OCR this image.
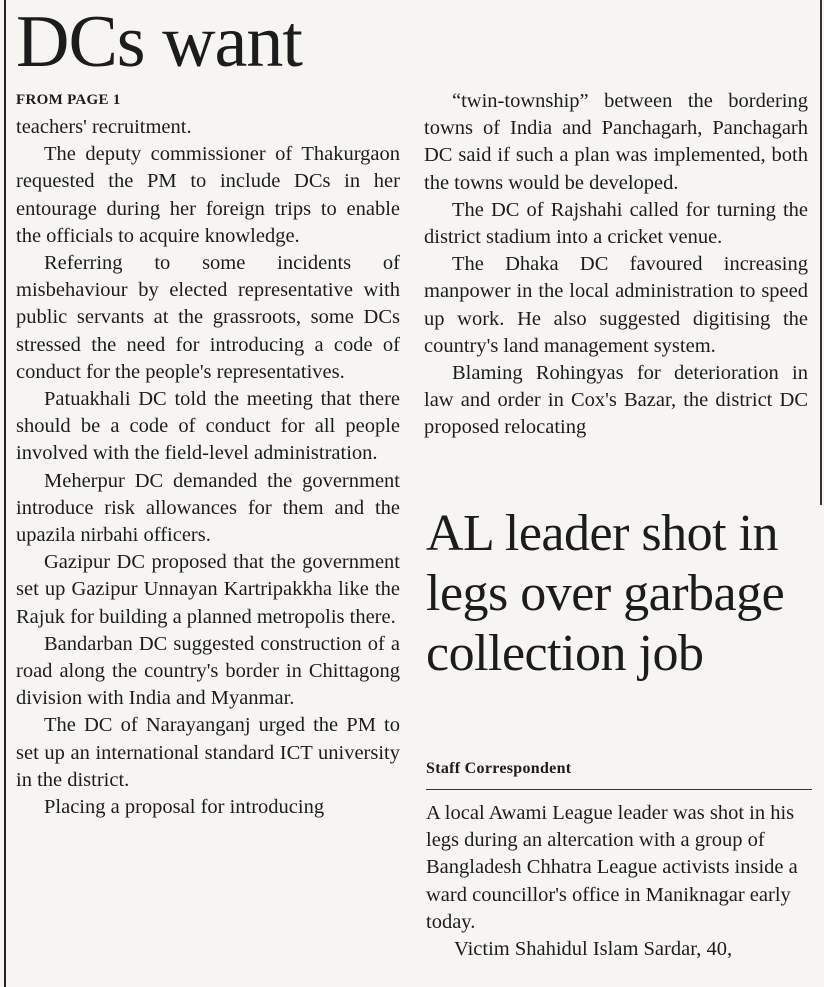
DCs want
FROM PAGE 1

teachers' recruitment.

The deputy commissioner of Thakurgaon requested the PM to include DCs in her entourage during her foreign trips to enable the officials to acquire knowledge.

Referring to some incidents of misbehaviour by elected representative with public servants at the grassroots, some DCs stressed the need for introducing a code of conduct for the people's representatives.

Patuakhali DC told the meeting that there should be a code of conduct for all people involved with the field-level administration.

Meherpur DC demanded the government introduce risk allowances for them and the upazila nirbahi officers.

Gazipur DC proposed that the government set up Gazipur Unnayan Kartripakkha like the Rajuk for building a planned metropolis there.

Bandarban DC suggested construction of a road along the country's border in Chittagong division with India and Myanmar.

The DC of Narayanganj urged the PM to set up an international standard ICT university in the district.

Placing a proposal for introducing

“twin-township” between the bordering towns of India and Panchagarh, Panchagarh DC said if such a plan was implemented, both the towns would be developed.

The DC of Rajshahi called for turning the district stadium into a cricket venue.

The Dhaka DC favoured increasing manpower in the local administration to speed up work. He also suggested digitising the country's land management system.

Blaming Rohingyas for deterioration in law and order in Cox's Bazar, the district DC proposed relocating

AL leader shot in legs over garbage collection job
Staff Correspondent

A local Awami League leader was shot in his legs during an altercation with a group of Bangladesh Chhatra League activists inside a ward councillor's office in Maniknagar early today.

Victim Shahidul Islam Sardar, 40,
